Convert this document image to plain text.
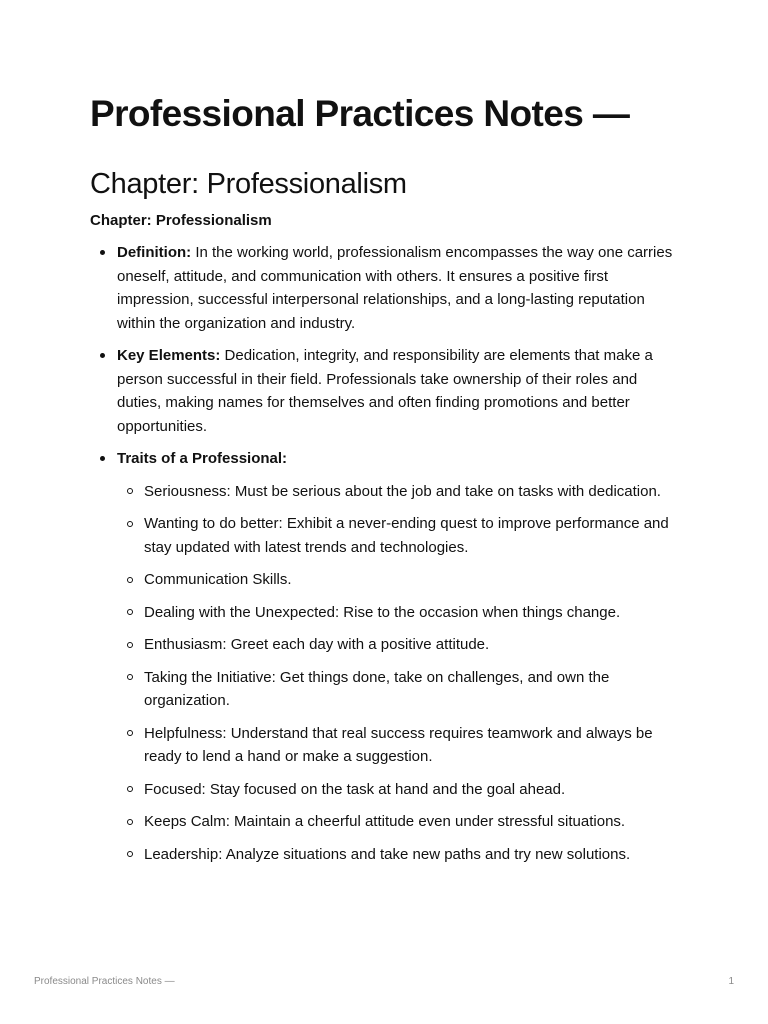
Professional Practices Notes —
Chapter: Professionalism
Chapter: Professionalism
Definition: In the working world, professionalism encompasses the way one carries oneself, attitude, and communication with others. It ensures a positive first impression, successful interpersonal relationships, and a long-lasting reputation within the organization and industry.
Key Elements: Dedication, integrity, and responsibility are elements that make a person successful in their field. Professionals take ownership of their roles and duties, making names for themselves and often finding promotions and better opportunities.
Traits of a Professional:
Seriousness: Must be serious about the job and take on tasks with dedication.
Wanting to do better: Exhibit a never-ending quest to improve performance and stay updated with latest trends and technologies.
Communication Skills.
Dealing with the Unexpected: Rise to the occasion when things change.
Enthusiasm: Greet each day with a positive attitude.
Taking the Initiative: Get things done, take on challenges, and own the organization.
Helpfulness: Understand that real success requires teamwork and always be ready to lend a hand or make a suggestion.
Focused: Stay focused on the task at hand and the goal ahead.
Keeps Calm: Maintain a cheerful attitude even under stressful situations.
Leadership: Analyze situations and take new paths and try new solutions.
Professional Practices Notes —	1
